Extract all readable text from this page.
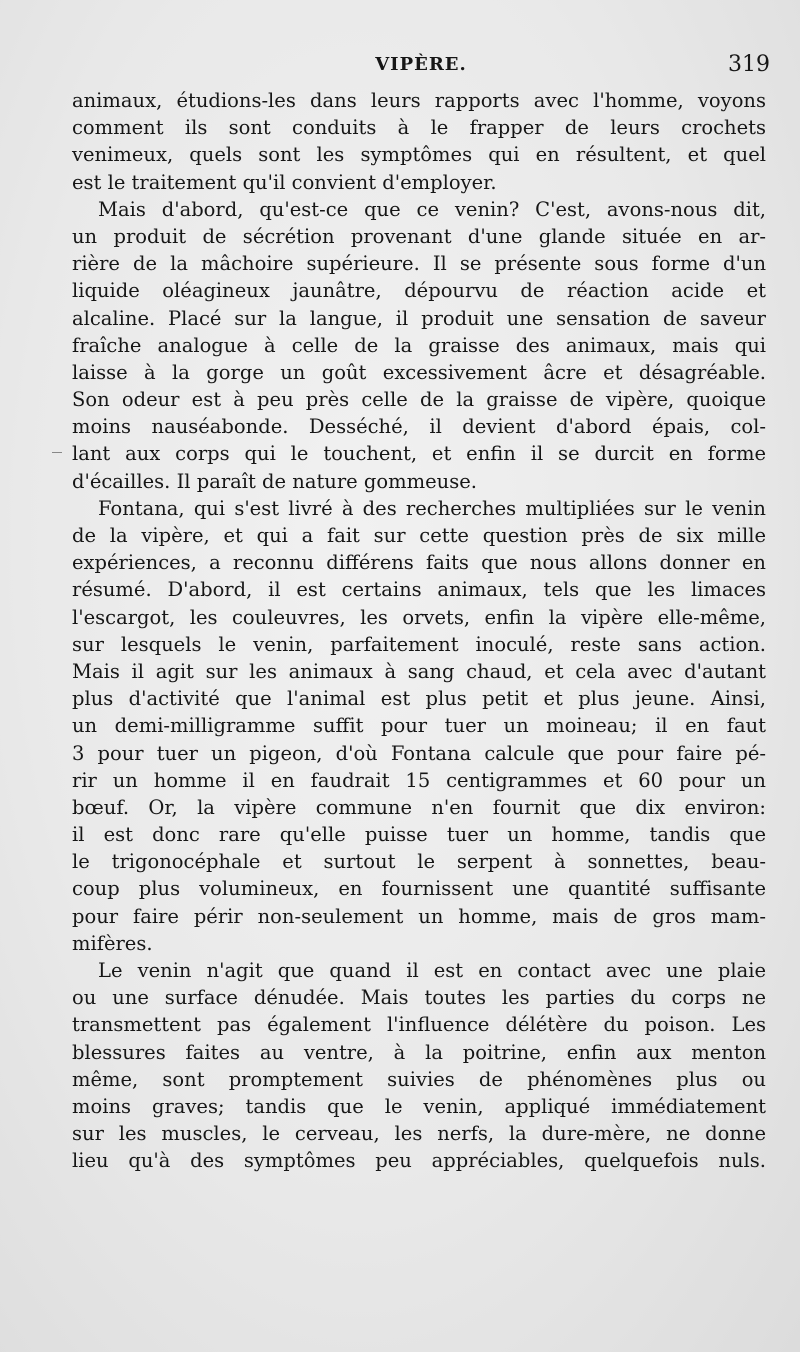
VIPÈRE.	319
animaux, étudions-les dans leurs rapports avec l'homme, voyons
comment ils sont conduits à le frapper de leurs crochets
venimeux, quels sont les symptômes qui en résultent, et quel
est le traitement qu'il convient d'employer.
Mais d'abord, qu'est-ce que ce venin? C'est, avons-nous dit,
un produit de sécrétion provenant d'une glande située en ar-
rière de la mâchoire supérieure. Il se présente sous forme d'un
liquide oléagineux jaunâtre, dépourvu de réaction acide et
alcaline. Placé sur la langue, il produit une sensation de saveur
fraîche analogue à celle de la graisse des animaux, mais qui
laisse à la gorge un goût excessivement âcre et désagréable.
Son odeur est à peu près celle de la graisse de vipère, quoique
moins nauséabonde. Desséché, il devient d'abord épais, col-
lant aux corps qui le touchent, et enfin il se durcit en forme
d'écailles. Il paraît de nature gommeuse.
Fontana, qui s'est livré à des recherches multipliées sur le venin
de la vipère, et qui a fait sur cette question près de six mille
expériences, a reconnu différens faits que nous allons donner en
résumé. D'abord, il est certains animaux, tels que les limaces
l'escargot, les couleuvres, les orvets, enfin la vipère elle-même,
sur lesquels le venin, parfaitement inoculé, reste sans action.
Mais il agit sur les animaux à sang chaud, et cela avec d'autant
plus d'activité que l'animal est plus petit et plus jeune. Ainsi,
un demi-milligramme suffit pour tuer un moineau; il en faut
3 pour tuer un pigeon, d'où Fontana calcule que pour faire pé-
rir un homme il en faudrait 15 centigrammes et 60 pour un
bœuf. Or, la vipère commune n'en fournit que dix environ:
il est donc rare qu'elle puisse tuer un homme, tandis que
le trigonocéphale et surtout le serpent à sonnettes, beau-
coup plus volumineux, en fournissent une quantité suffisante
pour faire périr non-seulement un homme, mais de gros mam-
mifères.
Le venin n'agit que quand il est en contact avec une plaie
ou une surface dénudée. Mais toutes les parties du corps ne
transmettent pas également l'influence délétère du poison. Les
blessures faites au ventre, à la poitrine, enfin aux menton
même, sont promptement suivies de phénomènes plus ou
moins graves; tandis que le venin, appliqué immédiatement
sur les muscles, le cerveau, les nerfs, la dure-mère, ne donne
lieu qu'à des symptômes peu appréciables, quelquefois nuls.
